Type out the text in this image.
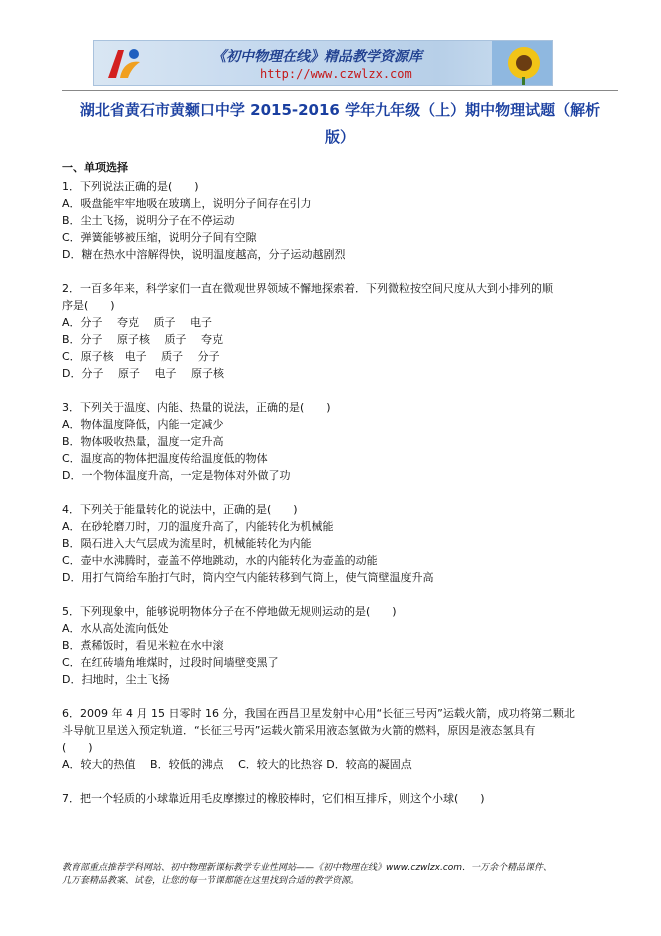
《初中物理在线》精品教学资源库
http://www.czwlzx.com
湖北省黄石市黄颡口中学 2015-2016 学年九年级（上）期中物理试题（解析
版）
一、单项选择
1．下列说法正确的是(　　)
A．吸盘能牢牢地吸在玻璃上，说明分子间存在引力
B．尘土飞扬，说明分子在不停运动
C．弹簧能够被压缩，说明分子间有空隙
D．糖在热水中溶解得快，说明温度越高，分子运动越剧烈
2．一百多年来，科学家们一直在微观世界领域不懈地探索着．下列微粒按空间尺度从大到小排列的顺
序是(　　)
A．分子　 夸克　 质子　 电子
B．分子　 原子核　 质子　 夸克
C．原子核　电子　 质子　 分子
D．分子　 原子　 电子　 原子核
3．下列关于温度、内能、热量的说法，正确的是(　　)
A．物体温度降低，内能一定减少
B．物体吸收热量，温度一定升高
C．温度高的物体把温度传给温度低的物体
D．一个物体温度升高，一定是物体对外做了功
4．下列关于能量转化的说法中，正确的是(　　)
A．在砂轮磨刀时，刀的温度升高了，内能转化为机械能
B．陨石进入大气层成为流星时，机械能转化为内能
C．壶中水沸腾时，壶盖不停地跳动，水的内能转化为壶盖的动能
D．用打气筒给车胎打气时，筒内空气内能转移到气筒上，使气筒壁温度升高
5．下列现象中，能够说明物体分子在不停地做无规则运动的是(　　)
A．水从高处流向低处
B．煮稀饭时，看见米粒在水中滚
C．在红砖墙角堆煤时，过段时间墙壁变黑了
D．扫地时，尘土飞扬
6．2009 年 4 月 15 日零时 16 分，我国在西昌卫星发射中心用“长征三号丙”运载火箭，成功将第二颗北
斗导航卫星送入预定轨道．“长征三号丙”运载火箭采用液态氢做为火箭的燃料，原因是液态氢具有
(　　)
A．较大的热值　 B．较低的沸点　 C．较大的比热容 D．较高的凝固点
7．把一个轻质的小球靠近用毛皮摩擦过的橡胶棒时，它们相互排斥，则这个小球(　　)
教育部重点推荐学科网站、初中物理新课标教学专业性网站——《初中物理在线》www.czwlzx.com．一万余个精品课件、
几万套精品教案、试卷，让您的每一节课都能在这里找到合适的教学资源。
